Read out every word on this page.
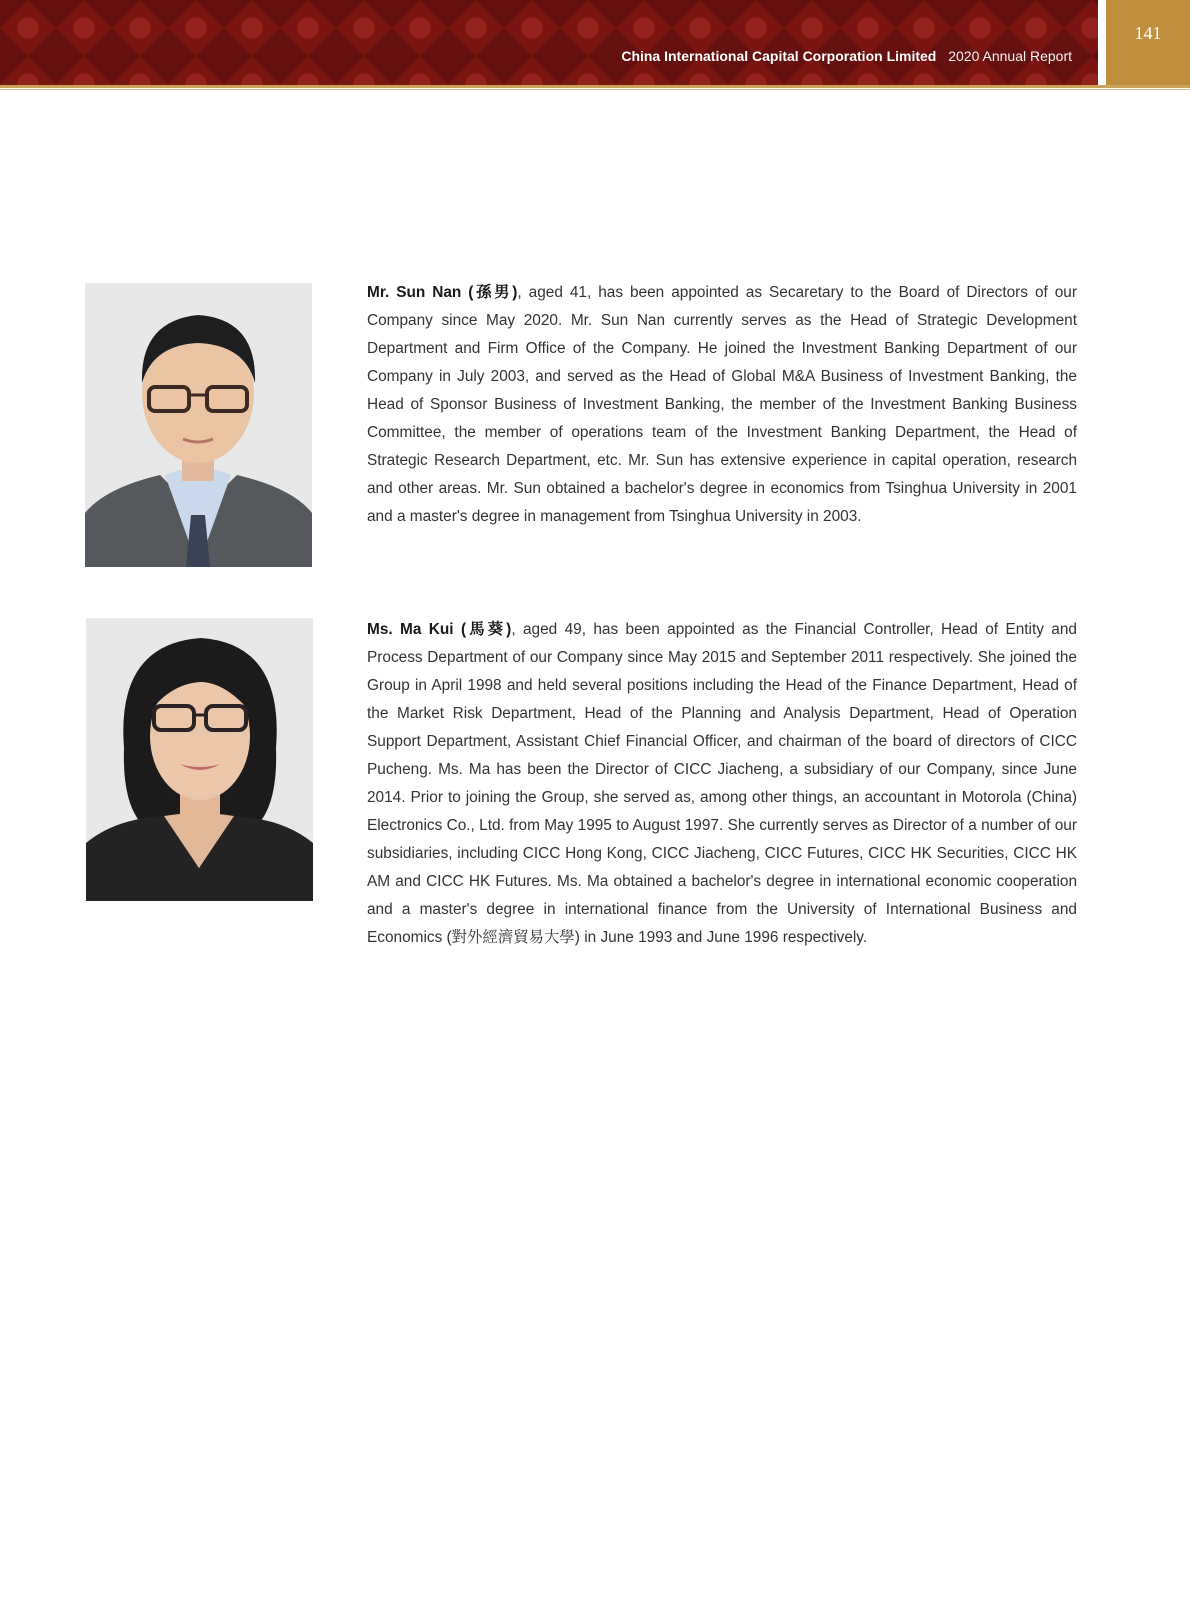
141
China International Capital Corporation Limited 2020 Annual Report

Mr. Sun Nan (孫男), aged 41, has been appointed as Secaretary to the Board of Directors of our Company since May 2020. Mr. Sun Nan currently serves as the Head of Strategic Development Department and Firm Office of the Company. He joined the Investment Banking Department of our Company in July 2003, and served as the Head of Global M&A Business of Investment Banking, the Head of Sponsor Business of Investment Banking, the member of the Investment Banking Business Committee, the member of operations team of the Investment Banking Department, the Head of Strategic Research Department, etc. Mr. Sun has extensive experience in capital operation, research and other areas. Mr. Sun obtained a bachelor's degree in economics from Tsinghua University in 2001 and a master's degree in management from Tsinghua University in 2003.

Ms. Ma Kui (馬葵), aged 49, has been appointed as the Financial Controller, Head of Entity and Process Department of our Company since May 2015 and September 2011 respectively. She joined the Group in April 1998 and held several positions including the Head of the Finance Department, Head of the Market Risk Department, Head of the Planning and Analysis Department, Head of Operation Support Department, Assistant Chief Financial Officer, and chairman of the board of directors of CICC Pucheng. Ms. Ma has been the Director of CICC Jiacheng, a subsidiary of our Company, since June 2014. Prior to joining the Group, she served as, among other things, an accountant in Motorola (China) Electronics Co., Ltd. from May 1995 to August 1997. She currently serves as Director of a number of our subsidiaries, including CICC Hong Kong, CICC Jiacheng, CICC Futures, CICC HK Securities, CICC HK AM and CICC HK Futures. Ms. Ma obtained a bachelor's degree in international economic cooperation and a master's degree in international finance from the University of International Business and Economics (對外經濟貿易大學) in June 1993 and June 1996 respectively.
